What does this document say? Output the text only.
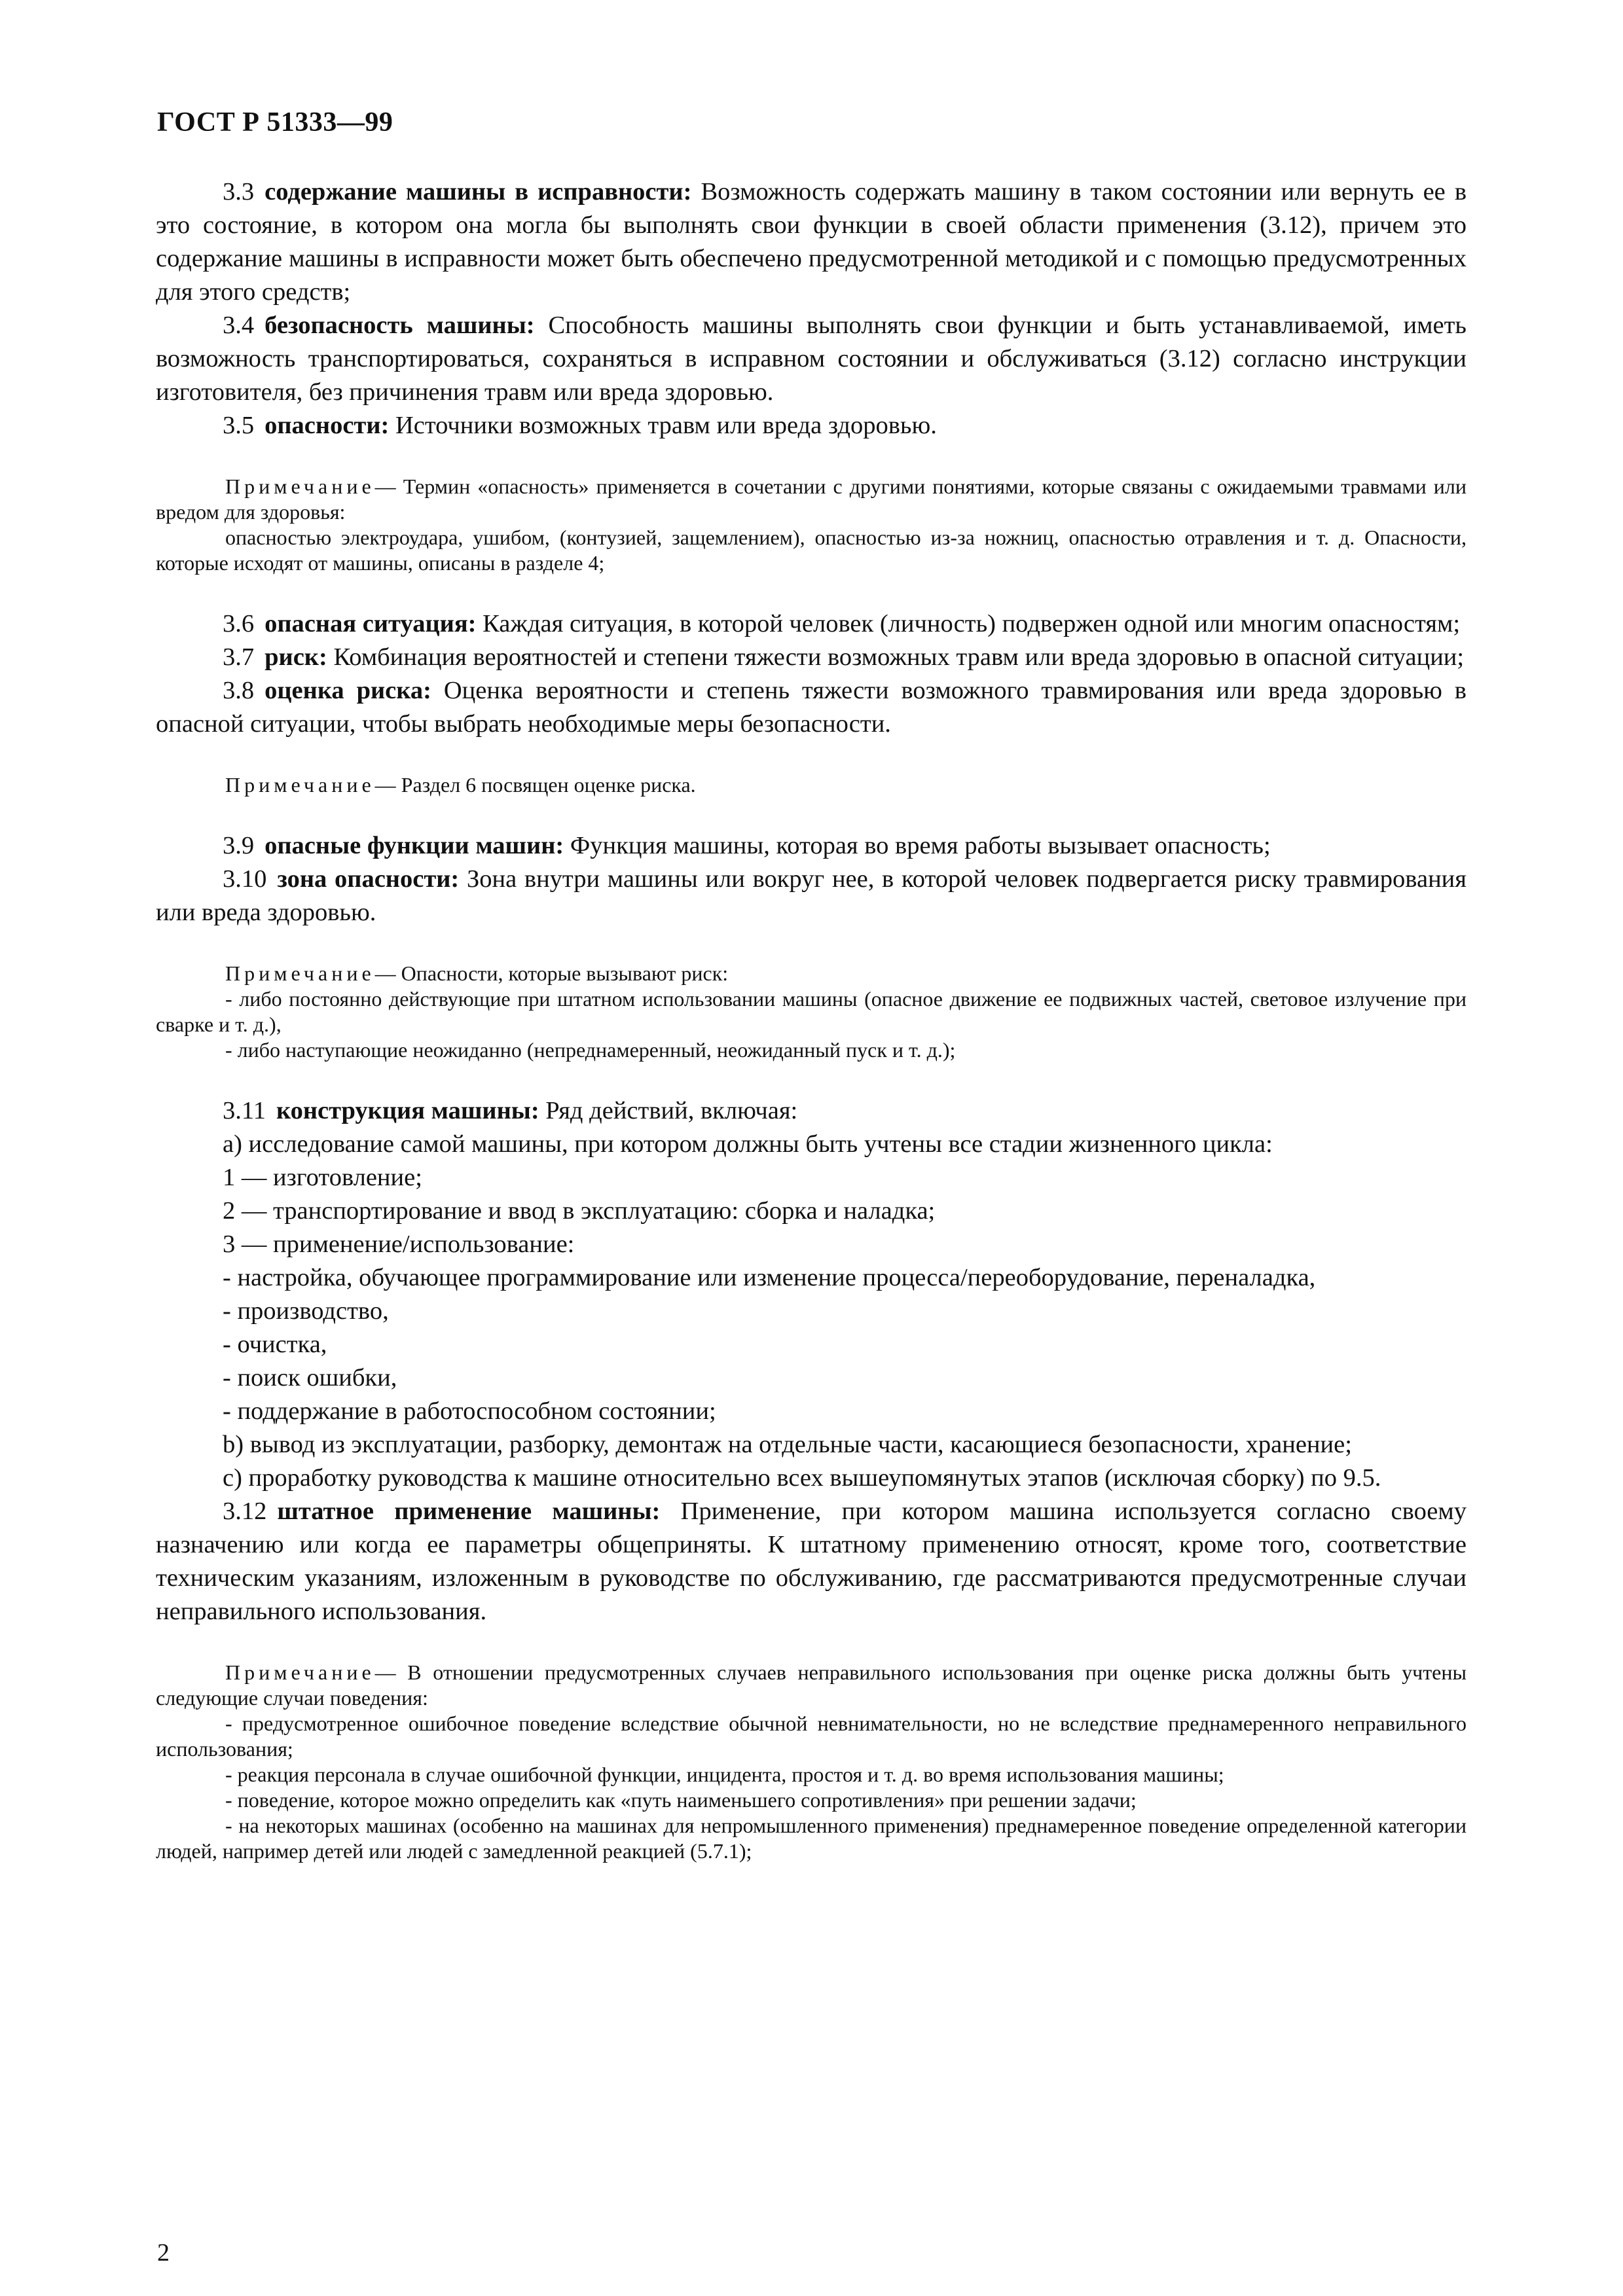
ГОСТ Р 51333—99

3.3 содержание машины в исправности: Возможность содержать машину в таком состоянии или вернуть ее в это состояние, в котором она могла бы выполнять свои функции в своей области применения (3.12), причем это содержание машины в исправности может быть обеспечено предусмотренной методикой и с помощью предусмотренных для этого средств;

3.4 безопасность машины: Способность машины выполнять свои функции и быть устанавливаемой, иметь возможность транспортироваться, сохраняться в исправном состоянии и обслуживаться (3.12) согласно инструкции изготовителя, без причинения травм или вреда здоровью.

3.5 опасности: Источники возможных травм или вреда здоровью.

Примечание— Термин «опасность» применяется в сочетании с другими понятиями, которые связаны с ожидаемыми травмами или вредом для здоровья:

опасностью электроудара, ушибом, (контузией, защемлением), опасностью из-за ножниц, опасностью отравления и т. д. Опасности, которые исходят от машины, описаны в разделе 4;

3.6 опасная ситуация: Каждая ситуация, в которой человек (личность) подвержен одной или многим опасностям;

3.7 риск: Комбинация вероятностей и степени тяжести возможных травм или вреда здоровью в опасной ситуации;

3.8 оценка риска: Оценка вероятности и степень тяжести возможного травмирования или вреда здоровью в опасной ситуации, чтобы выбрать необходимые меры безопасности.

Примечание— Раздел 6 посвящен оценке риска.

3.9 опасные функции машин: Функция машины, которая во время работы вызывает опасность;

3.10 зона опасности: Зона внутри машины или вокруг нее, в которой человек подвергается риску травмирования или вреда здоровью.

Примечание— Опасности, которые вызывают риск:

- либо постоянно действующие при штатном использовании машины (опасное движение ее подвижных частей, световое излучение при сварке и т. д.),

- либо наступающие неожиданно (непреднамеренный, неожиданный пуск и т. д.);

3.11 конструкция машины: Ряд действий, включая:

а) исследование самой машины, при котором должны быть учтены все стадии жизненного цикла:

1 — изготовление;

2 — транспортирование и ввод в эксплуатацию: сборка и наладка;

3 — применение/использование:

- настройка, обучающее программирование или изменение процесса/переоборудование, переналадка,

- производство,

- очистка,

- поиск ошибки,

- поддержание в работоспособном состоянии;

b) вывод из эксплуатации, разборку, демонтаж на отдельные части, касающиеся безопасности, хранение;

с) проработку руководства к машине относительно всех вышеупомянутых этапов (исключая сборку) по 9.5.

3.12 штатное применение машины: Применение, при котором машина используется согласно своему назначению или когда ее параметры общеприняты. К штатному применению относят, кроме того, соответствие техническим указаниям, изложенным в руководстве по обслуживанию, где рассматриваются предусмотренные случаи неправильного использования.

Примечание— В отношении предусмотренных случаев неправильного использования при оценке риска должны быть учтены следующие случаи поведения:

- предусмотренное ошибочное поведение вследствие обычной невнимательности, но не вследствие преднамеренного неправильного использования;

- реакция персонала в случае ошибочной функции, инцидента, простоя и т. д. во время использования машины;

- поведение, которое можно определить как «путь наименьшего сопротивления» при решении задачи;

- на некоторых машинах (особенно на машинах для непромышленного применения) преднамеренное поведение определенной категории людей, например детей или людей с замедленной реакцией (5.7.1);

2
